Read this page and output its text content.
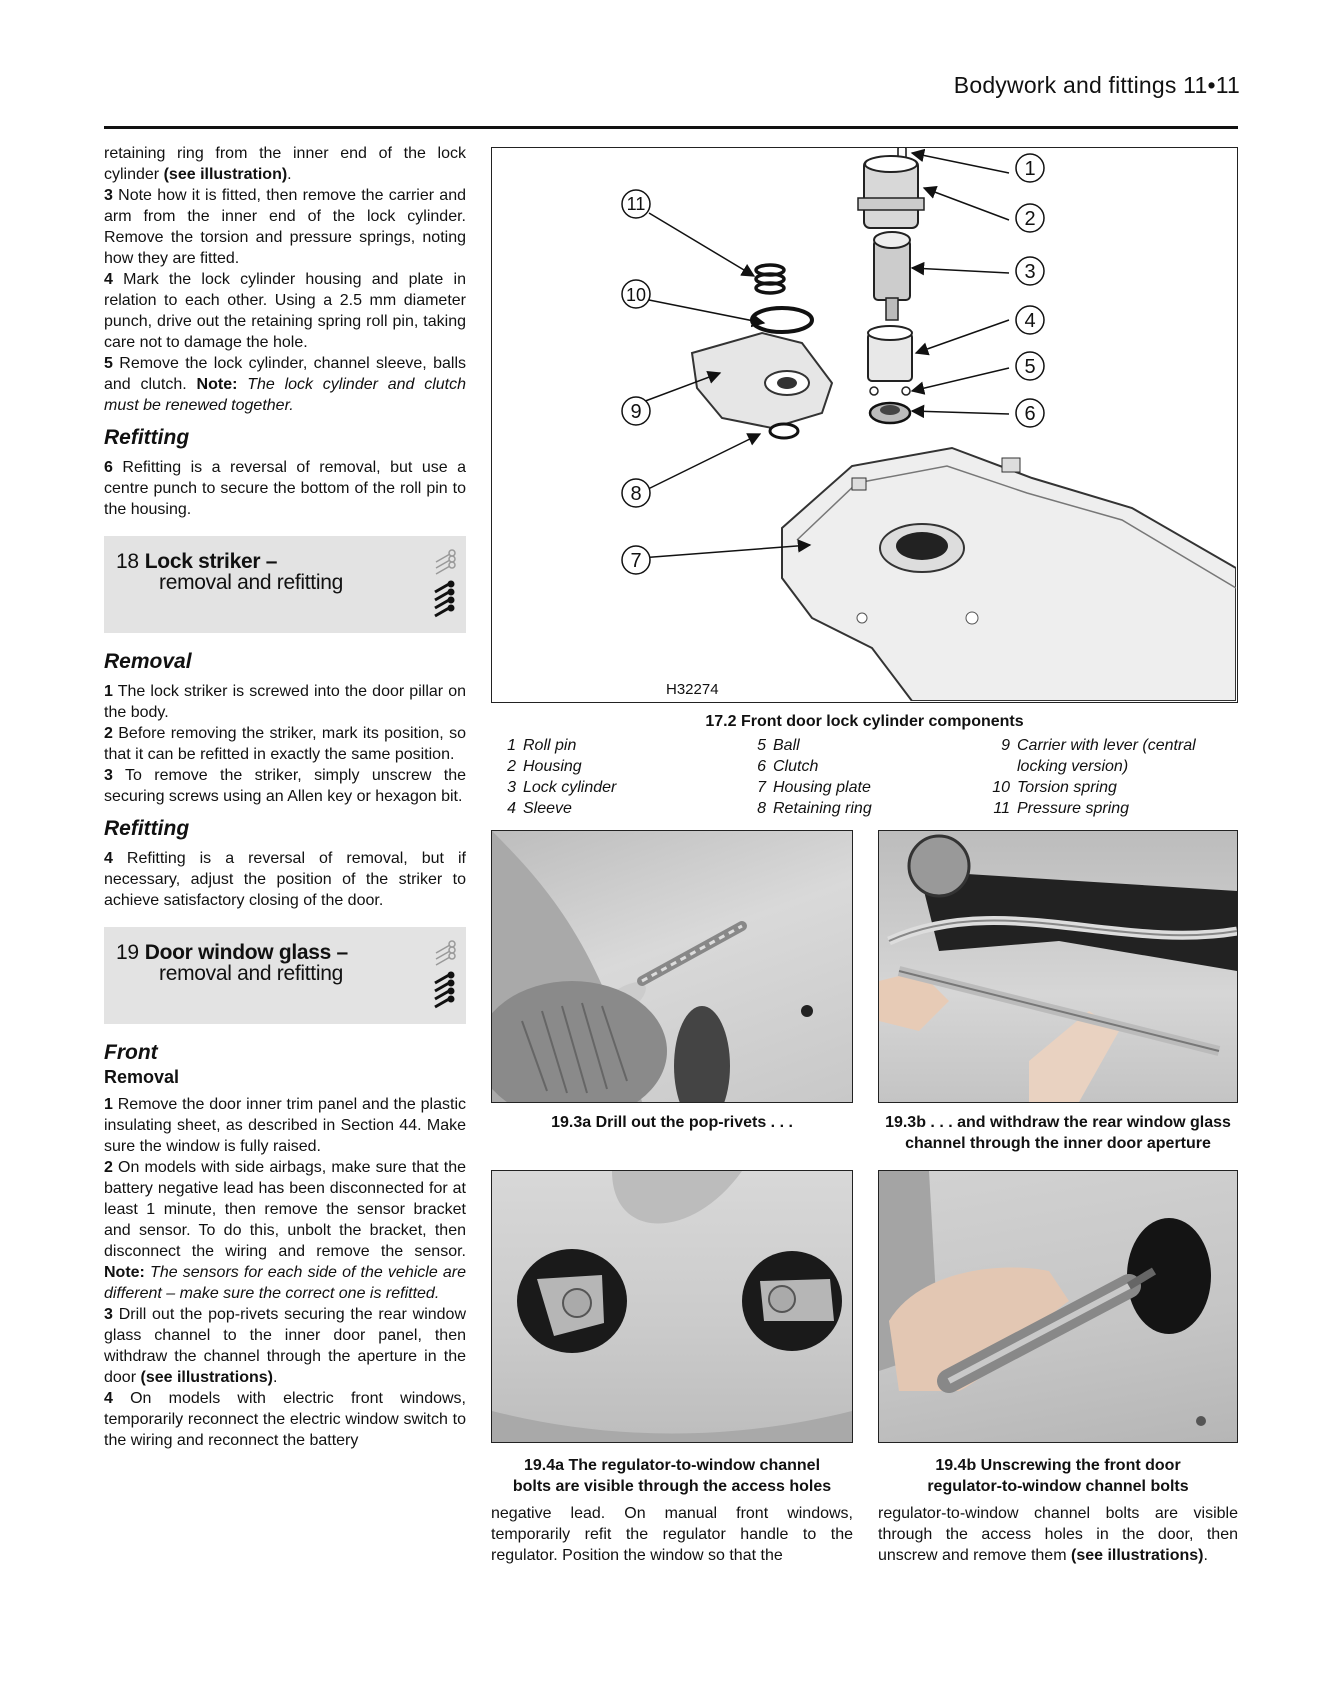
Bodywork and fittings 11•11

retaining ring from the inner end of the lock cylinder (see illustration).

3 Note how it is fitted, then remove the carrier and arm from the inner end of the lock cylinder. Remove the torsion and pressure springs, noting how they are fitted.

4 Mark the lock cylinder housing and plate in relation to each other. Using a 2.5 mm diameter punch, drive out the retaining spring roll pin, taking care not to damage the hole.

5 Remove the lock cylinder, channel sleeve, balls and clutch. Note: The lock cylinder and clutch must be renewed together.

Refitting

6 Refitting is a reversal of removal, but use a centre punch to secure the bottom of the roll pin to the housing.

18 Lock striker –
removal and refitting
Removal

1 The lock striker is screwed into the door pillar on the body.

2 Before removing the striker, mark its position, so that it can be refitted in exactly the same position.

3 To remove the striker, simply unscrew the securing screws using an Allen key or hexagon bit.

Refitting

4 Refitting is a reversal of removal, but if necessary, adjust the position of the striker to achieve satisfactory closing of the door.

19 Door window glass –
removal and refitting
Front
Removal

1 Remove the door inner trim panel and the plastic insulating sheet, as described in Section 44. Make sure the window is fully raised.

2 On models with side airbags, make sure that the battery negative lead has been disconnected for at least 1 minute, then remove the sensor bracket and sensor. To do this, unbolt the bracket, then disconnect the wiring and remove the sensor. Note: The sensors for each side of the vehicle are different – make sure the correct one is refitted.

3 Drill out the pop-rivets securing the rear window glass channel to the inner door panel, then withdraw the channel through the aperture in the door (see illustrations).

4 On models with electric front windows, temporarily reconnect the electric window switch to the wiring and reconnect the battery

1
2
3
4
5
6
7
8
9
10
11
H32274
17.2 Front door lock cylinder components
1 Roll pin
2 Housing
3 Lock cylinder
4 Sleeve
5 Ball
6 Clutch
7 Housing plate
8 Retaining ring
9 Carrier with lever (central
locking version)
10 Torsion spring
11 Pressure spring
19.3a Drill out the pop-rivets . . .	19.3b . . . and withdraw the rear window glass
channel through the inner door aperture
19.4a The regulator-to-window channel
bolts are visible through the access holes
19.4b Unscrewing the front door
regulator-to-window channel bolts

negative lead. On manual front windows, temporarily refit the regulator handle to the regulator. Position the window so that the

regulator-to-window channel bolts are visible through the access holes in the door, then unscrew and remove them (see illustrations).
